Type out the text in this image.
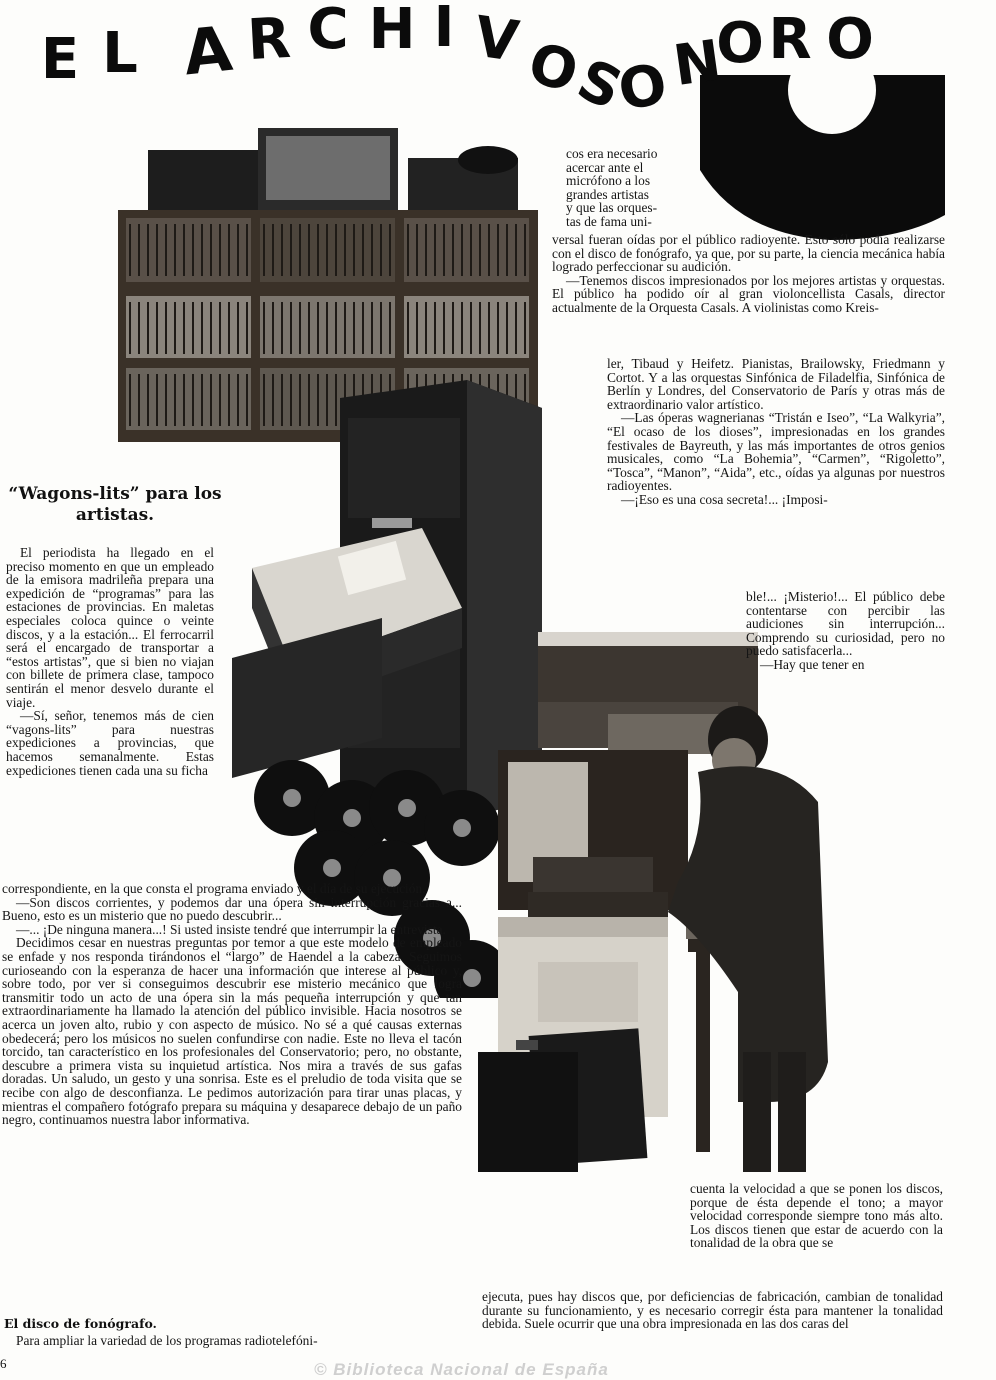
E L A R C H I V
O
S
O
N
O R O

cos era necesario

acercar ante el

micrófono a los

grandes artistas

y que las orques-

tas de fama uni-

versal fueran oídas por el público radioyente. Esto sólo podía realizarse con el disco de fonógrafo, ya que, por su parte, la ciencia mecánica había logrado perfeccionar su audición.

—Tenemos discos impresionados por los mejores artistas y orquestas. El público ha podido oír al gran violoncellista Casals, director actualmente de la Orquesta Casals. A violinistas como Kreis-

ler, Tibaud y Heifetz. Pianistas, Brailowsky, Friedmann y Cortot. Y a las orquestas Sinfónica de Filadelfia, Sinfónica de Berlín y Londres, del Conservatorio de París y otras más de extraordinario valor artístico.

—Las óperas wagnerianas “Tristán e Iseo”, “La Walkyria”, “El ocaso de los dioses”, impresionadas en los grandes festivales de Bayreuth, y las más importantes de otros genios musicales, como “La Bohemia”, “Carmen”, “Rigoletto”, “Tosca”, “Manon”, “Aida”, etc., oídas ya algunas por nuestros radioyentes.

—¡Eso es una cosa secreta!... ¡Imposi-

ble!... ¡Misterio!... El público debe contentarse con percibir las audiciones sin interrupción... Comprendo su curiosidad, pero no puedo satisfacerla...

—Hay que tener en

“Wagons-lits” para los artistas.

El periodista ha llegado en el preciso momento en que un empleado de la emisora madrileña prepara una expedición de “programas” para las estaciones de provincias. En maletas especiales coloca quince o veinte discos, y a la estación... El ferrocarril será el encargado de transportar a “estos artistas”, que si bien no viajan con billete de primera clase, tampoco sentirán el menor desvelo durante el viaje.

—Sí, señor, tenemos más de cien “vagons-lits” para nuestras expediciones a provincias, que hacemos semanalmente. Estas expediciones tienen cada una su ficha

correspondiente, en la que consta el programa enviado y el día de su ejecución.

—Son discos corrientes, y podemos dar una ópera sin interrupción gracias a... Bueno, esto es un misterio que no puedo descubrir...

—... ¡De ninguna manera...! Si usted insiste tendré que interrumpir la entrevista.

Decidimos cesar en nuestras preguntas por temor a que este modelo de empleado se enfade y nos responda tirándonos el “largo” de Haendel a la cabeza. Seguimos curioseando con la esperanza de hacer una información que interese al público y, sobre todo, por ver si conseguimos descubrir ese misterio mecánico que logra transmitir todo un acto de una ópera sin la más pequeña interrupción y que tan extraordinariamente ha llamado la atención del público invisible. Hacia nosotros se acerca un joven alto, rubio y con aspecto de músico. No sé a qué causas externas obedecerá; pero los músicos no suelen confundirse con nadie. Este no lleva el tacón torcido, tan característico en los profesionales del Conservatorio; pero, no obstante, descubre a primera vista su inquietud artística. Nos mira a través de sus gafas doradas. Un saludo, un gesto y una sonrisa. Este es el preludio de toda visita que se recibe con algo de desconfianza. Le pedimos autorización para tirar unas placas, y mientras el compañero fotógrafo prepara su máquina y desaparece debajo de un paño negro, continuamos nuestra labor informativa.

El disco de fonógrafo.

Para ampliar la variedad de los programas radiotelefóni-

cuenta la velocidad a que se ponen los discos, porque de ésta depende el tono; a mayor velocidad corresponde siempre tono más alto. Los discos tienen que estar de acuerdo con la tonalidad de la obra que se

ejecuta, pues hay discos que, por deficiencias de fabricación, cambian de tonalidad durante su funcionamiento, y es necesario corregir ésta para mantener la tonalidad debida. Suele ocurrir que una obra impresionada en las dos caras del

6	© Biblioteca Nacional de España
